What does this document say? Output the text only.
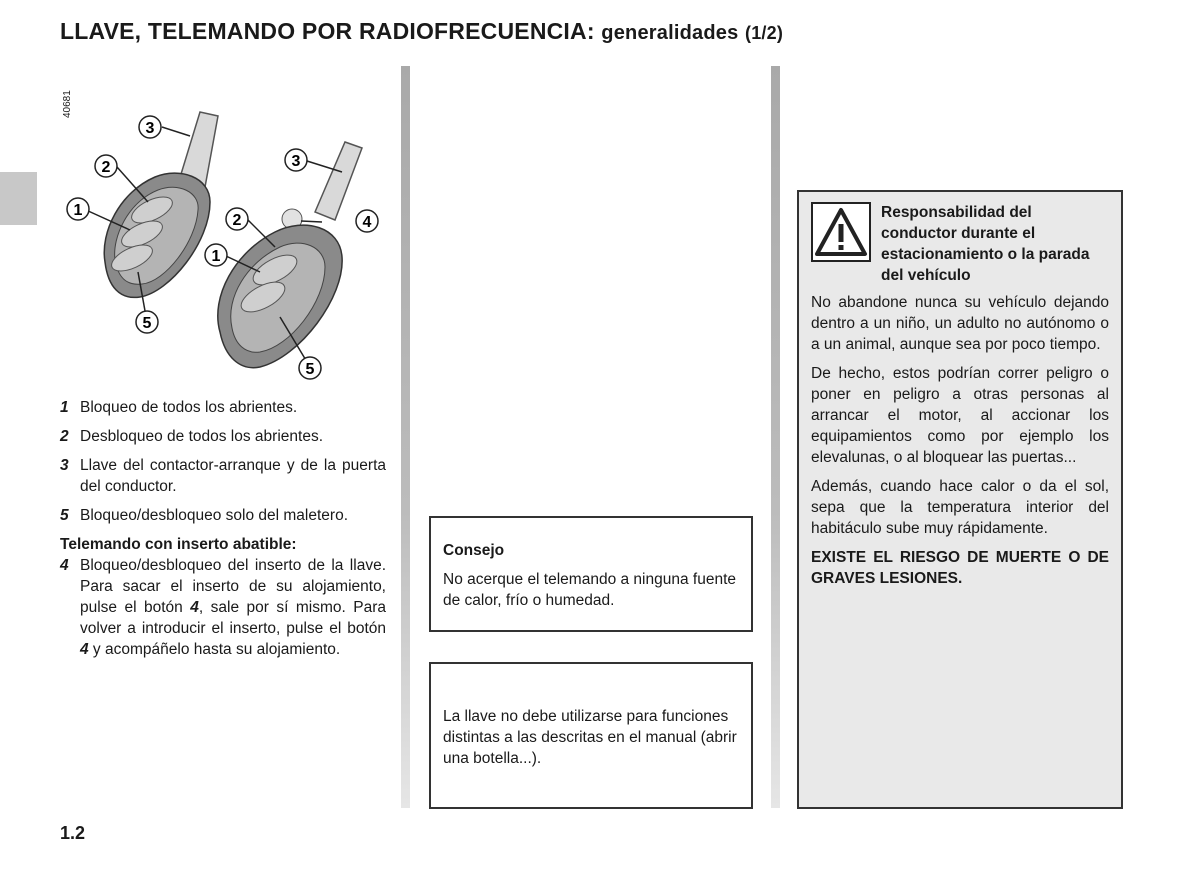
LLAVE, TELEMANDO POR RADIOFRECUENCIA: generalidades (1/2)
40681
3
2
1
5
3
2
1
4
5
1 Bloqueo de todos los abrientes.
2 Desbloqueo de todos los abrientes.
3 Llave del contactor-arranque y de la puerta del conductor.
5 Bloqueo/desbloqueo solo del maletero.
Telemando con inserto abatible:
4 Bloqueo/desbloqueo del inserto de la llave. Para sacar el inserto de su alojamiento, pulse el botón 4, sale por sí mismo. Para volver a introducir el inserto, pulse el botón 4 y acompáñelo hasta su alojamiento.
Consejo
No acerque el telemando a ninguna fuente de calor, frío o humedad.
La llave no debe utilizarse para funciones distintas a las descritas en el manual (abrir una botella...).
Responsabilidad del conductor durante el estacionamiento o la parada del vehículo

No abandone nunca su vehículo dejando dentro a un niño, un adulto no autónomo o a un animal, aunque sea por poco tiempo.

De hecho, estos podrían correr peligro o poner en peligro a otras personas al arrancar el motor, al accionar los equipamientos como por ejemplo los elevalunas, o al bloquear las puertas...

Además, cuando hace calor o da el sol, sepa que la temperatura interior del habitáculo sube muy rápidamente.

EXISTE EL RIESGO DE MUERTE O DE GRAVES LESIONES.

1.2
